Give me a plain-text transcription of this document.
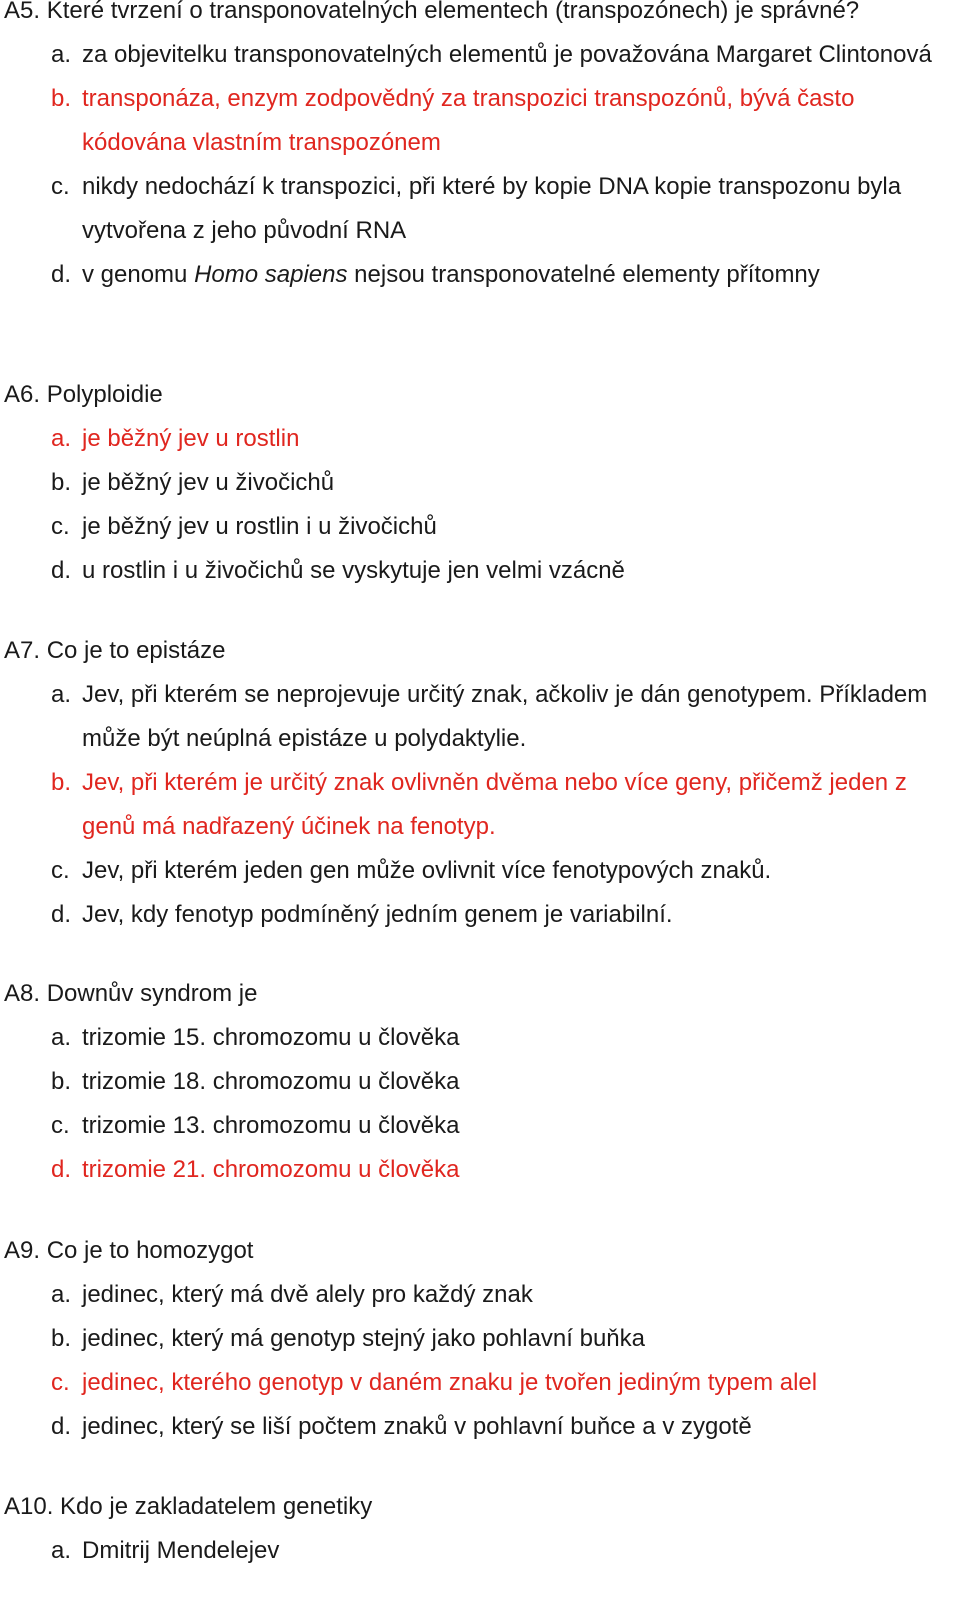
A5. Které tvrzení o transponovatelných elementech (transpozónech) je správné?
a. za objevitelku transponovatelných elementů je považována Margaret Clintonová
b. transponáza, enzym zodpovědný za transpozici transpozónů, bývá často kódována vlastním transpozónem
c. nikdy nedochází k transpozici, při které by kopie DNA kopie transpozonu byla vytvořena z jeho původní RNA
d. v genomu Homo sapiens nejsou transponovatelné elementy přítomny
A6. Polyploidie
a. je běžný jev u rostlin
b. je běžný jev u živočichů
c. je běžný jev u rostlin i u živočichů
d. u rostlin i u živočichů se vyskytuje jen velmi vzácně
A7. Co je to epistáze
a. Jev, při kterém se neprojevuje určitý znak, ačkoliv je dán genotypem. Příkladem může být neúplná epistáze u polydaktylie.
b. Jev, při kterém je určitý znak ovlivněn dvěma nebo více geny, přičemž jeden z genů má nadřazený účinek na fenotyp.
c. Jev, při kterém jeden gen může ovlivnit více fenotypových znaků.
d. Jev, kdy fenotyp podmíněný jedním genem je variabilní.
A8. Downův syndrom je
a. trizomie 15. chromozomu u člověka
b. trizomie 18. chromozomu u člověka
c. trizomie 13. chromozomu u člověka
d. trizomie 21. chromozomu u člověka
A9. Co je to homozygot
a. jedinec, který má dvě alely pro každý znak
b. jedinec, který má genotyp stejný jako pohlavní buňka
c. jedinec, kterého genotyp v daném znaku je tvořen jediným typem alel
d. jedinec, který se liší počtem znaků v pohlavní buňce a v zygotě
A10. Kdo je zakladatelem genetiky
a. Dmitrij Mendelejev
